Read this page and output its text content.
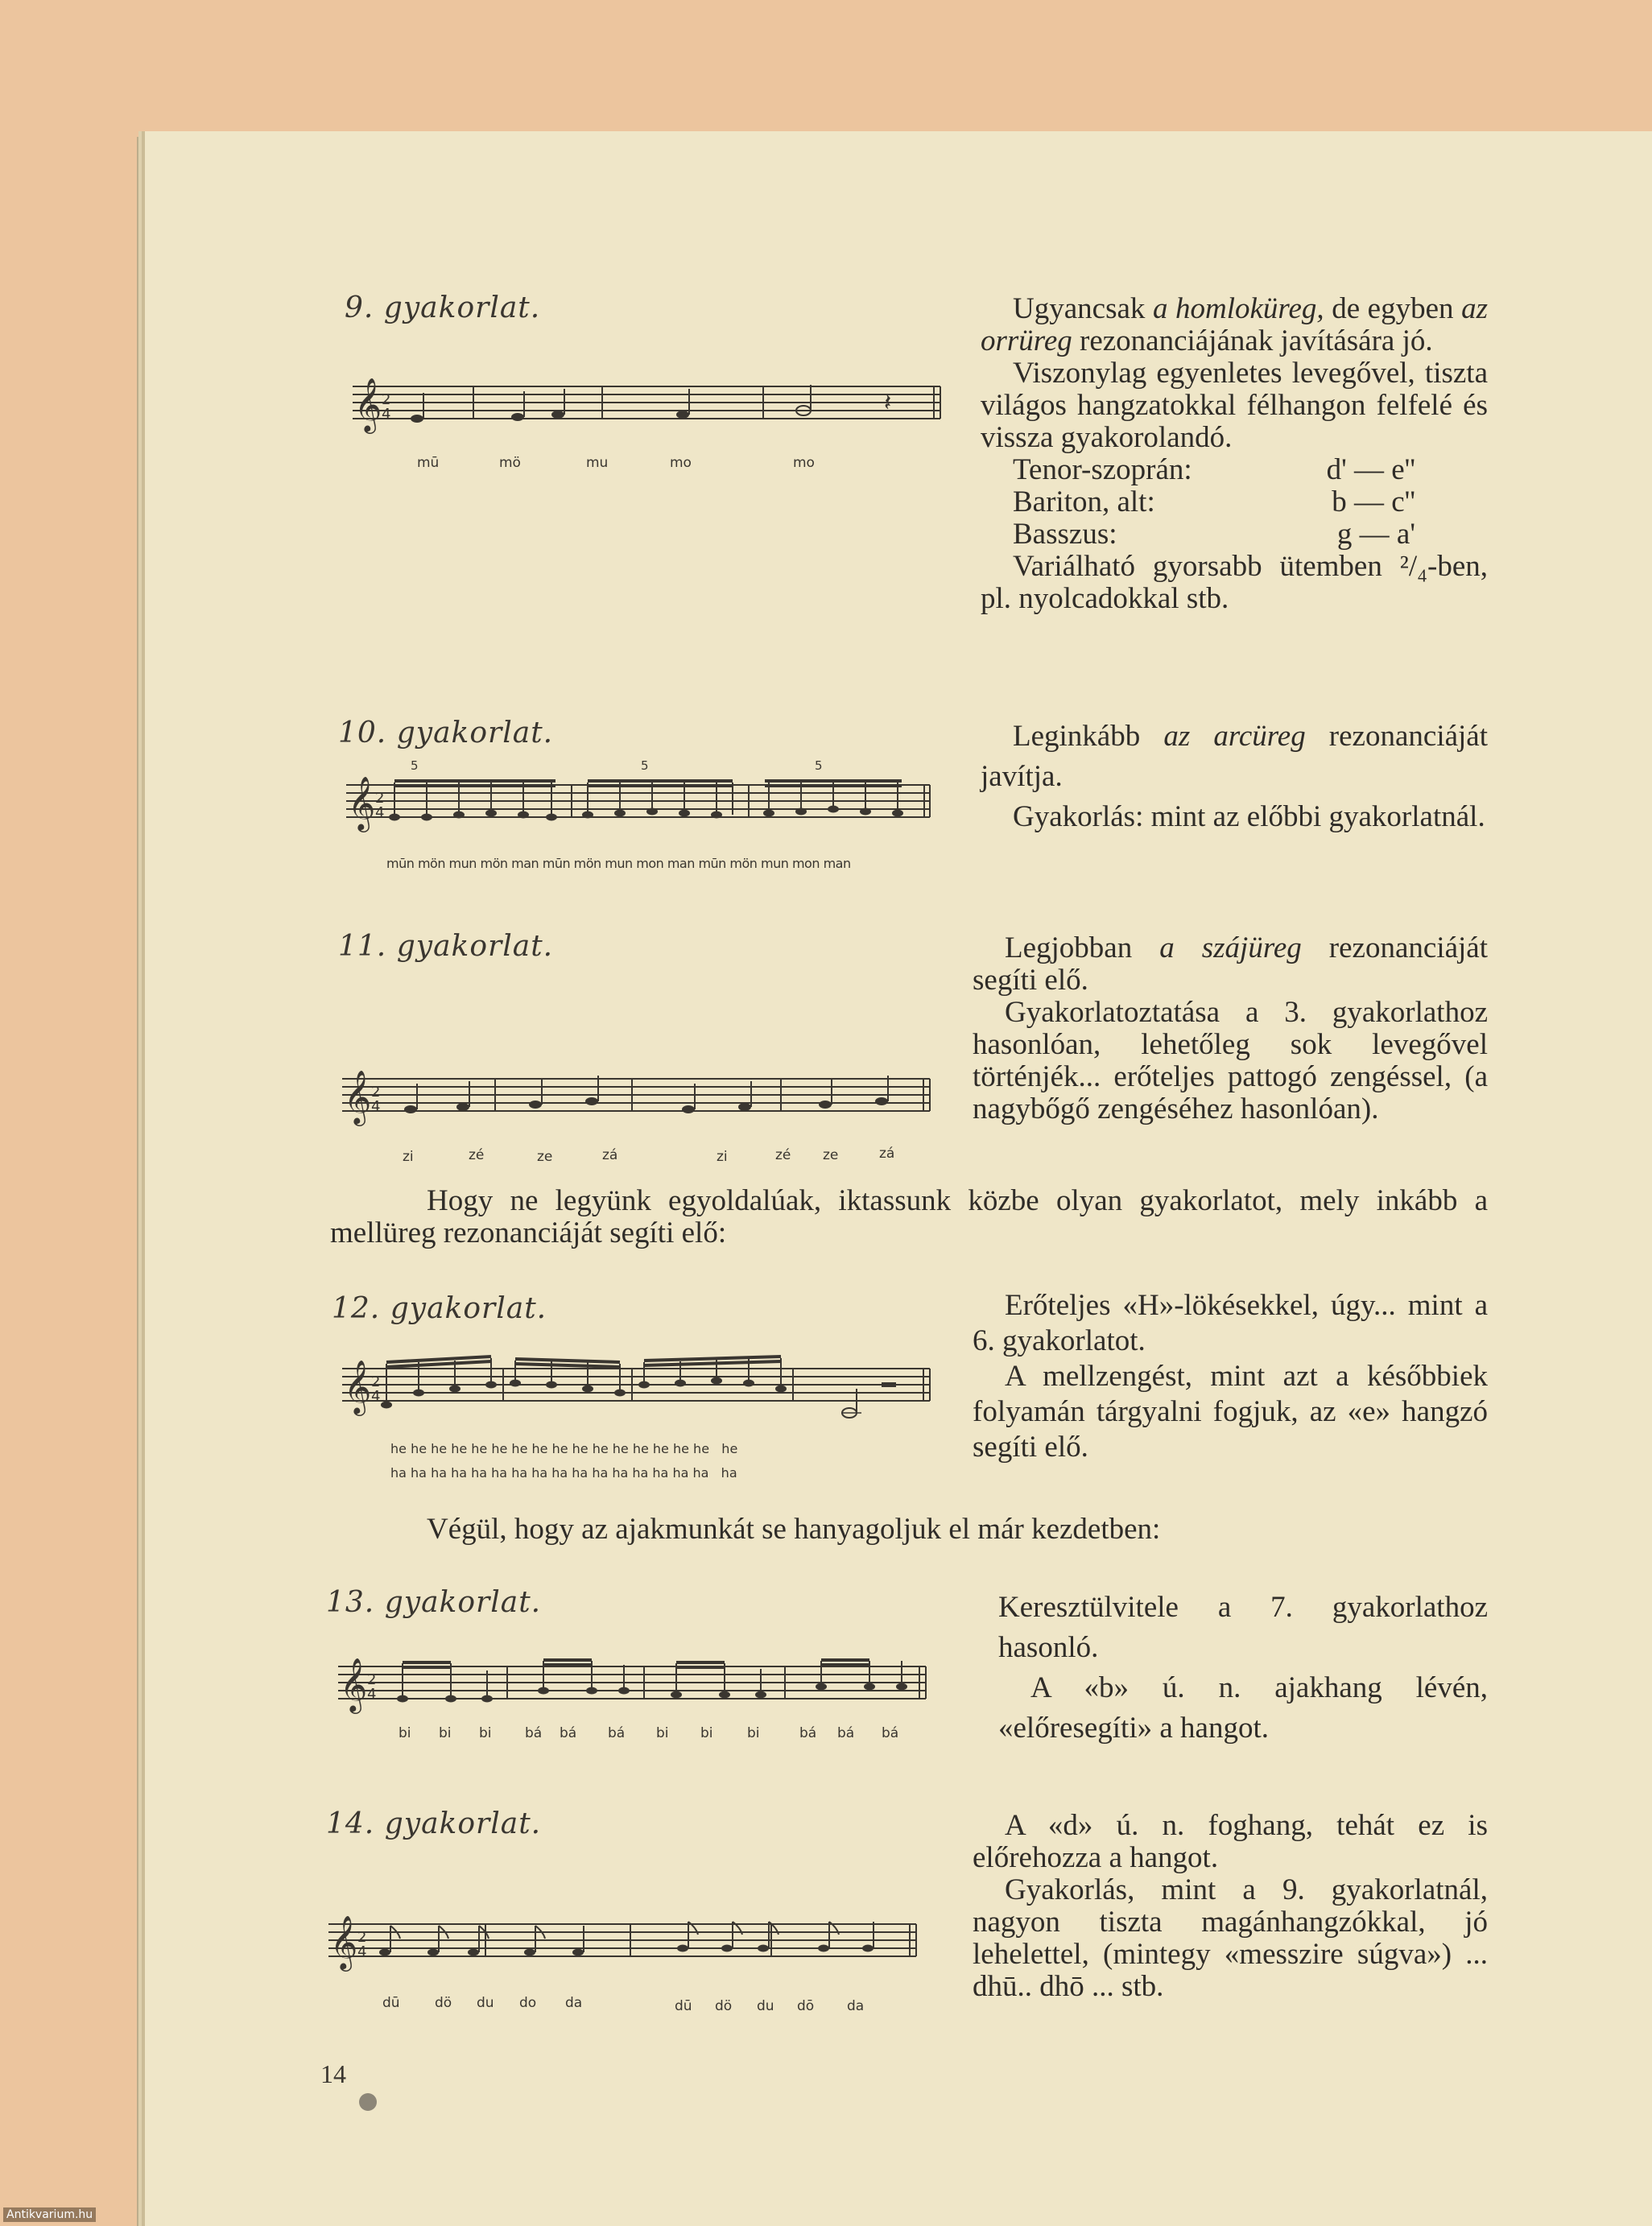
9. gyakorlat.
𝄞 2
4	𝄽
mū	mö	mu	mo	mo

Ugyancsak a homloküreg, de egyben az orrüreg rezonanciájának javítására jó.

Viszonylag egyenletes levegővel, tiszta világos hangzatokkal félhangon felfelé és vissza gyakorolandó.

Tenor-szoprán:	d' — e''
Bariton, alt:	b — c''
Basszus:	g — a'

Variálható gyorsabb ütemben ²/₄-ben, pl. nyolcadokkal stb.

10. gyakorlat.
𝄞 2
4
5	5	5
mūn mön mun mön man mūn mön mun mon man mūn mön mun mon man

Leginkább az arcüreg rezonanciáját javítja.

Gyakorlás: mint az előbbi gyakorlatnál.

11. gyakorlat.
𝄞 2
4
zi	zé	ze	zá	zi	zé ze	zá

Legjobban a szájüreg rezonanciáját segíti elő.

Gyakorlatoztatása a 3. gyakorlathoz hasonlóan, lehetőleg sok levegővel történjék... erőteljes pattogó zengéssel, (a nagybőgő zengéséhez hasonlóan).

Hogy ne legyünk egyoldalúak, iktassunk közbe olyan gyakorlatot, mely inkább a mellüreg rezonanciáját segíti elő:
12. gyakorlat.
𝄞 2
4
he he he he he he he he he he he he he he he he   he
ha ha ha ha ha ha ha ha ha ha ha ha ha ha ha ha   ha

Erőteljes «H»-lökésekkel, úgy... mint a 6. gyakorlatot.

A mellzengést, mint azt a későbbiek folyamán tárgyalni fogjuk, az «e» hangzó segíti elő.

Végül, hogy az ajakmunkát se hanyagoljuk el már kezdetben:
13. gyakorlat.
𝄞 2
4
bi bi bi bá bá bá bi bi bi	bá bá bá

Keresztülvitele a 7. gyakorlathoz hasonló.

A «b» ú. n. ajakhang lévén, «előresegíti» a hangot.

14. gyakorlat.
𝄞 2
4
dū	dö du do da	dū dö du dō da

A «d» ú. n. foghang, tehát ez is előrehozza a hangot.

Gyakorlás, mint a 9. gyakorlatnál, nagyon tiszta magánhangzókkal, jó lehelettel, (mintegy «messzire súgva») ... dhū.. dhō ... stb.

14
Antikvarium.hu
